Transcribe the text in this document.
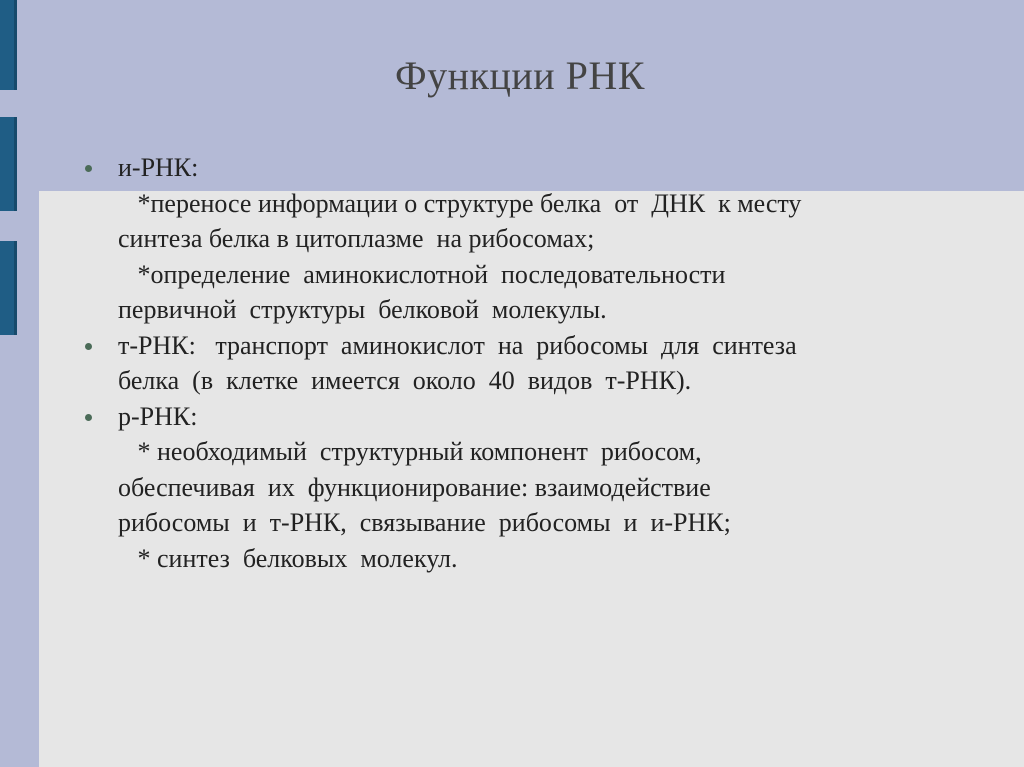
Функции РНК
и-РНК:
*переносе информации о структуре белка  от  ДНК  к месту
синтеза белка в цитоплазме  на рибосомах;
*определение  аминокислотной  последовательности
первичной  структуры  белковой  молекулы.
т-РНК:   транспорт  аминокислот  на  рибосомы  для  синтеза
белка  (в  клетке  имеется  около  40  видов  т-РНК).
р-РНК:
* необходимый  структурный компонент  рибосом,
обеспечивая  их  функционирование: взаимодействие
рибосомы  и  т-РНК,  связывание  рибосомы  и  и-РНК;
* синтез  белковых  молекул.
